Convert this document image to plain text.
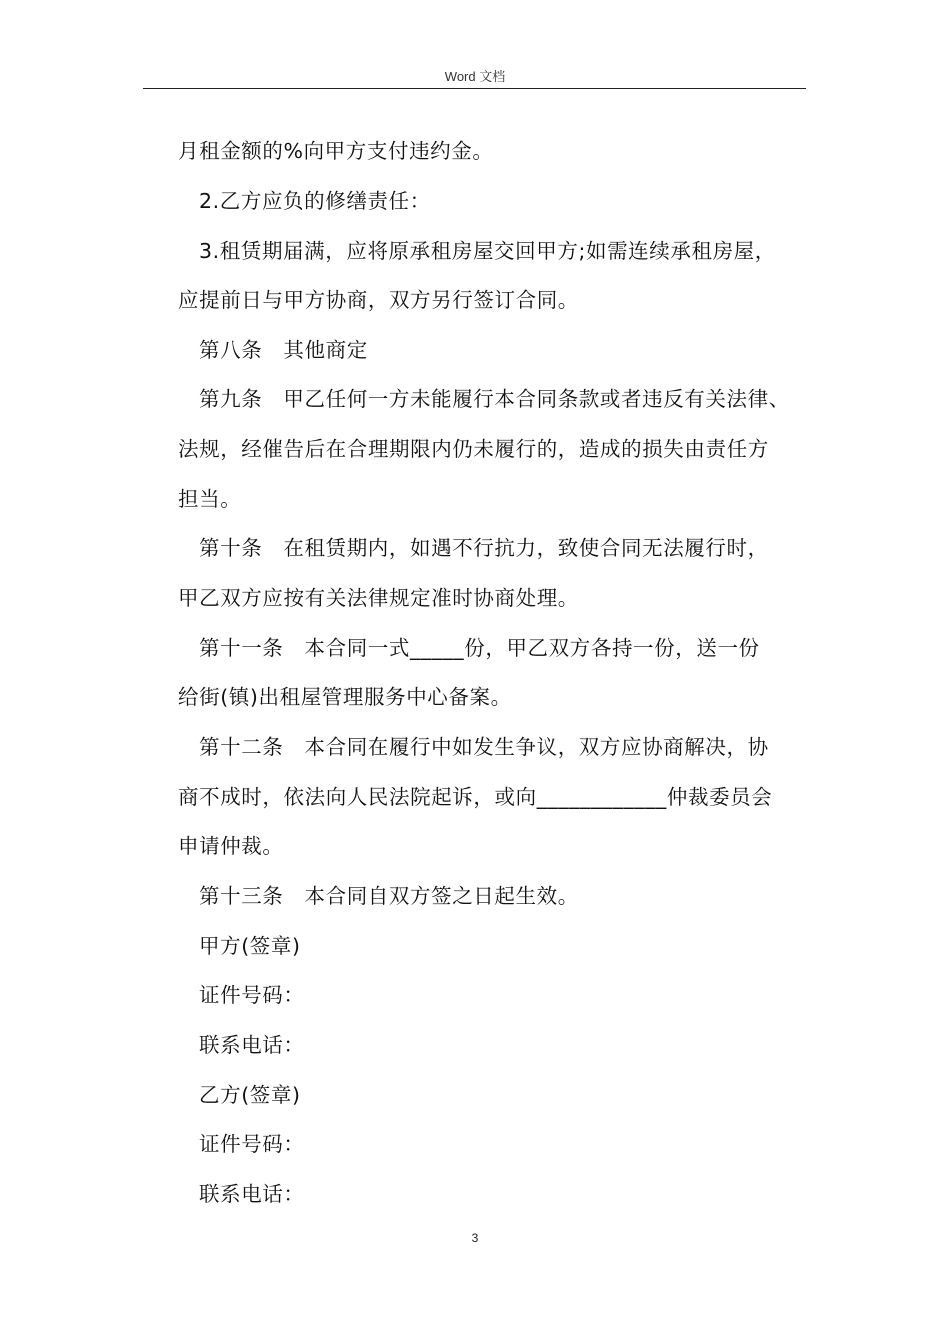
Word 文档
月租金额的%向甲方支付违约金。
2.乙方应负的修缮责任：
3.租赁期届满，应将原承租房屋交回甲方;如需连续承租房屋，
应提前日与甲方协商，双方另行签订合同。
第八条　其他商定
第九条　甲乙任何一方未能履行本合同条款或者违反有关法律、
法规，经催告后在合理期限内仍未履行的，造成的损失由责任方
担当。
第十条　在租赁期内，如遇不行抗力，致使合同无法履行时，
甲乙双方应按有关法律规定准时协商处理。
第十一条　本合同一式_____份，甲乙双方各持一份，送一份
给街(镇)出租屋管理服务中心备案。
第十二条　本合同在履行中如发生争议，双方应协商解决，协
商不成时，依法向人民法院起诉，或向____________仲裁委员会
申请仲裁。
第十三条　本合同自双方签之日起生效。
甲方(签章)
证件号码：
联系电话：
乙方(签章)
证件号码：
联系电话：
3
